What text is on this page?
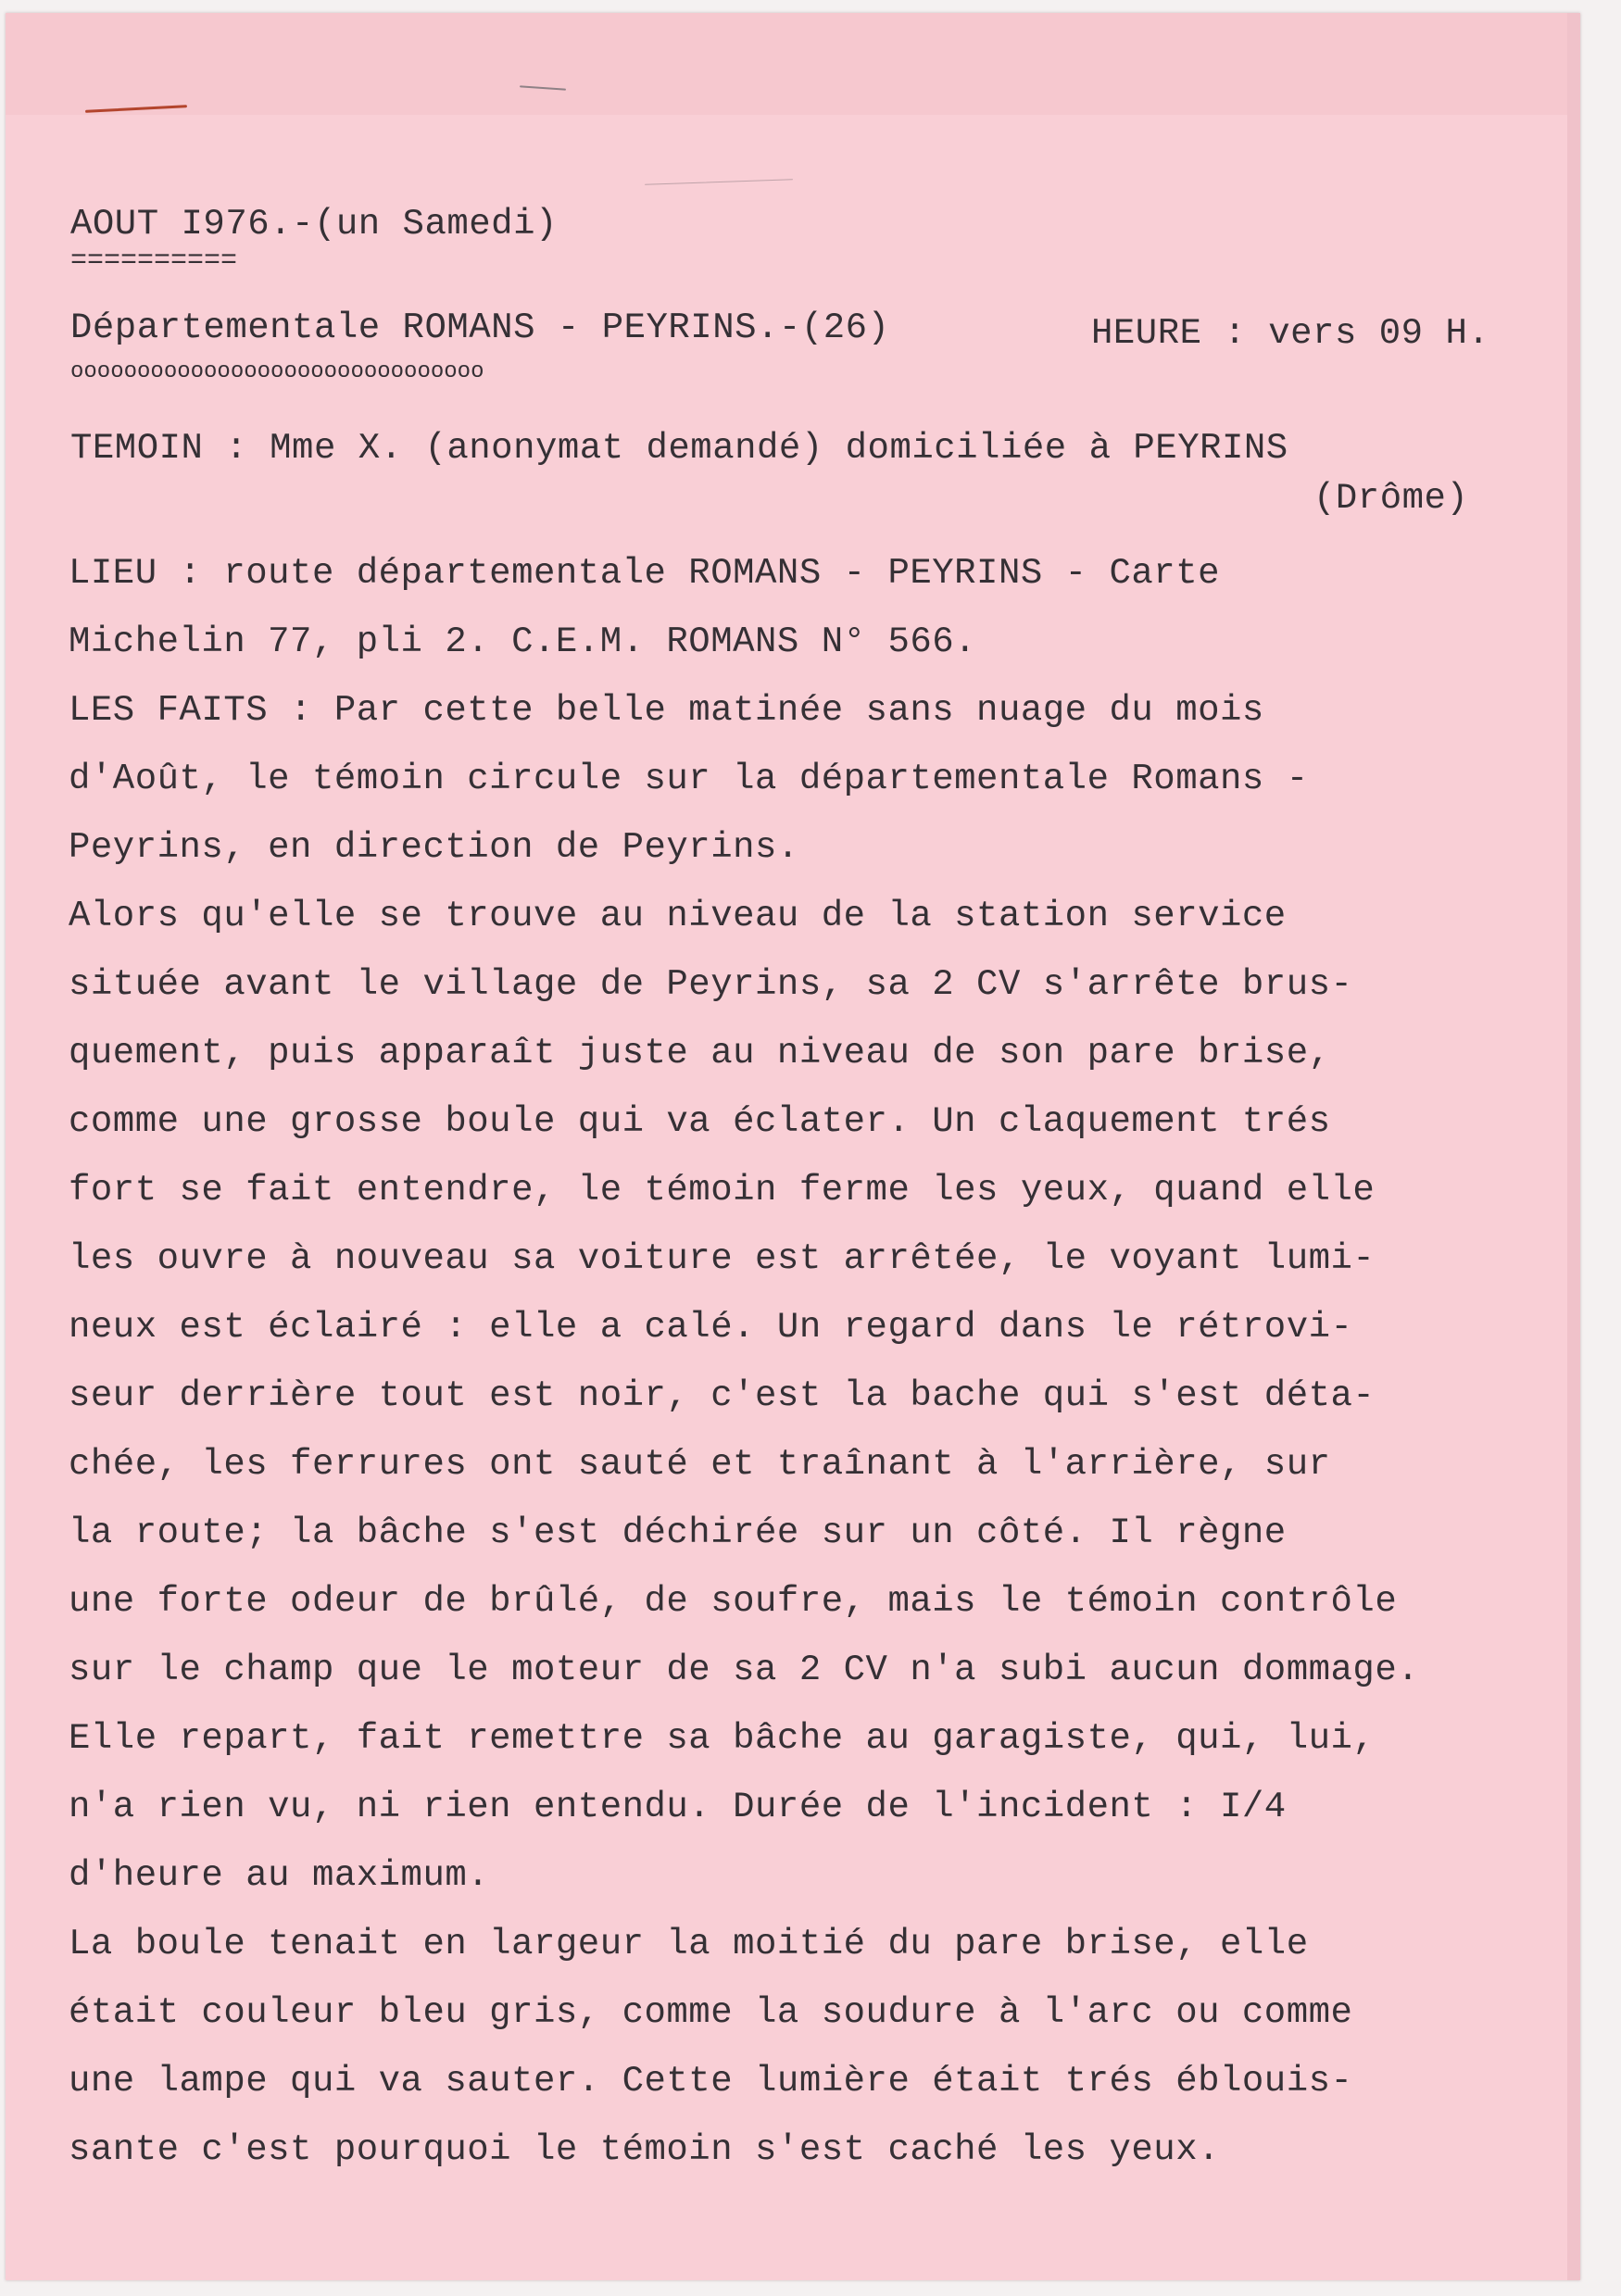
AOUT I976.-(un Samedi)
==========
Départementale ROMANS - PEYRINS.-(26)	HEURE : vers 09 H.
ooooooooooooooooooooooooooooooo
TEMOIN : Mme X. (anonymat demandé) domiciliée à PEYRINS
(Drôme)
LIEU : route départementale ROMANS - PEYRINS - Carte
Michelin 77, pli 2. C.E.M. ROMANS N° 566.
LES FAITS : Par cette belle matinée sans nuage du mois
d'Août, le témoin circule sur la départementale Romans -
Peyrins, en direction de Peyrins.
Alors qu'elle se trouve au niveau de la station service
située avant le village de Peyrins, sa 2 CV s'arrête brus-
quement, puis apparaît juste au niveau de son pare brise,
comme une grosse boule qui va éclater. Un claquement trés
fort se fait entendre, le témoin ferme les yeux, quand elle
les ouvre à nouveau sa voiture est arrêtée, le voyant lumi-
neux est éclairé : elle a calé. Un regard dans le rétrovi-
seur derrière tout est noir, c'est la bache qui s'est déta-
chée, les ferrures ont sauté et traînant à l'arrière, sur
la route; la bâche s'est déchirée sur un côté. Il règne
une forte odeur de brûlé, de soufre, mais le témoin contrôle
sur le champ que le moteur de sa 2 CV n'a subi aucun dommage.
Elle repart, fait remettre sa bâche au garagiste, qui, lui,
n'a rien vu, ni rien entendu. Durée de l'incident : I/4
d'heure au maximum.
La boule tenait en largeur la moitié du pare brise, elle
était couleur bleu gris, comme la soudure à l'arc ou comme
une lampe qui va sauter. Cette lumière était trés éblouis-
sante c'est pourquoi le témoin s'est caché les yeux.
